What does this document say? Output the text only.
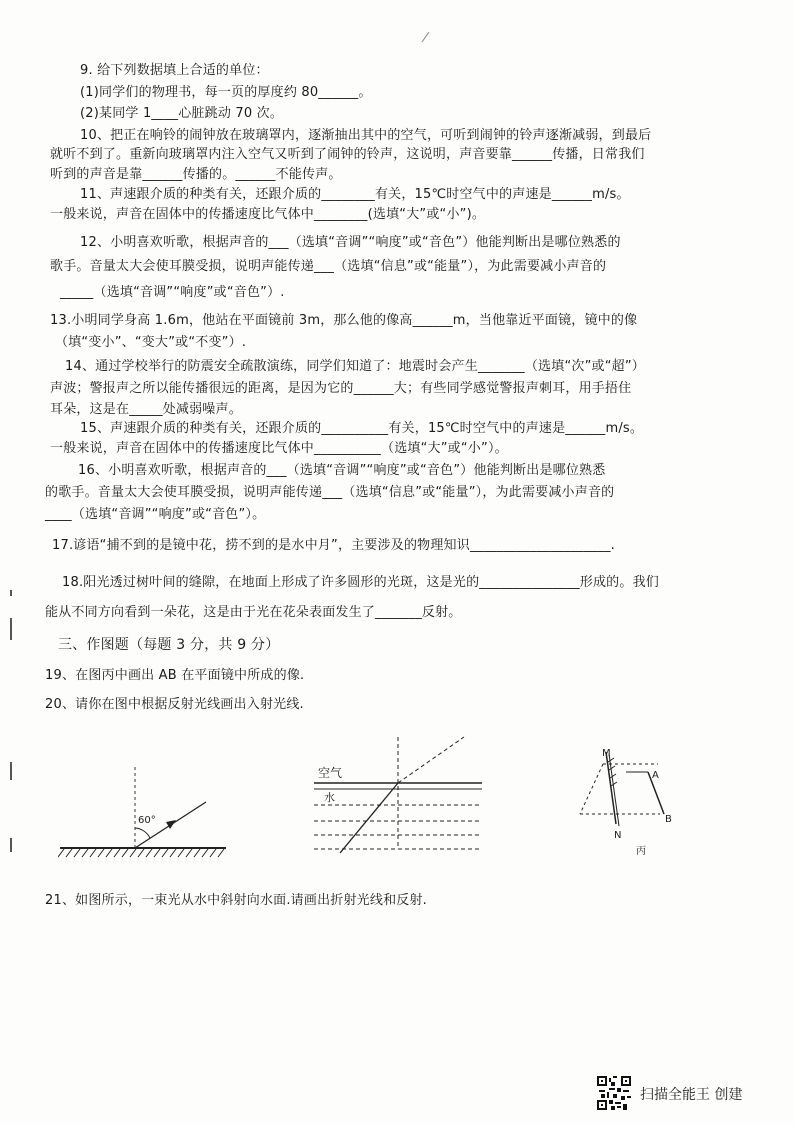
9. 给下列数据填上合适的单位：
(1)同学们的物理书，每一页的厚度约 80______。
(2)某同学 1____心脏跳动 70 次。
10、把正在响铃的闹钟放在玻璃罩内，逐渐抽出其中的空气，可听到闹钟的铃声逐渐减弱，到最后
就听不到了。重新向玻璃罩内注入空气又听到了闹钟的铃声，这说明，声音要靠______传播，日常我们
听到的声音是靠______传播的。______不能传声。
11、声速跟介质的种类有关，还跟介质的________有关，15℃时空气中的声速是______m/s。
一般来说，声音在固体中的传播速度比气体中________(选填“大”或“小”)。
12、小明喜欢听歌，根据声音的___（选填“音调”“响度”或“音色”）他能判断出是哪位熟悉的
歌手。音量太大会使耳膜受损，说明声能传递___（选填“信息”或“能量”），为此需要减小声音的
_____（选填“音调”“响度”或“音色”）.
13.小明同学身高 1.6m，他站在平面镜前 3m，那么他的像高______m，当他靠近平面镜，镜中的像
（填“变小”、“变大”或“不变”）.
14、通过学校举行的防震安全疏散演练，同学们知道了：地震时会产生_______（选填“次”或“超”）
声波；警报声之所以能传播很远的距离，是因为它的______大；有些同学感觉警报声刺耳，用手捂住
耳朵，这是在_____处减弱噪声。
15、声速跟介质的种类有关，还跟介质的__________有关，15℃时空气中的声速是______m/s。
一般来说，声音在固体中的传播速度比气体中__________（选填“大”或“小”）。
16、小明喜欢听歌，根据声音的___（选填“音调”“响度”或“音色”）他能判断出是哪位熟悉
的歌手。音量太大会使耳膜受损，说明声能传递___（选填“信息”或“能量”），为此需要减小声音的
____（选填“音调”“响度”或“音色”）。
17.谚语“捕不到的是镜中花，捞不到的是水中月”，主要涉及的物理知识_____________________.
18.阳光透过树叶间的缝隙，在地面上形成了许多圆形的光斑，这是光的_______________形成的。我们
能从不同方向看到一朵花，这是由于光在花朵表面发生了_______反射。
三、作图题（每题 3 分，共 9 分）
19、在图丙中画出 AB 在平面镜中所成的像.
20、请你在图中根据反射光线画出入射光线.
21、如图所示，一束光从水中斜射向水面.请画出折射光线和反射.
60°
空气
水
M
N
A
B
丙
扫描全能王 创建
